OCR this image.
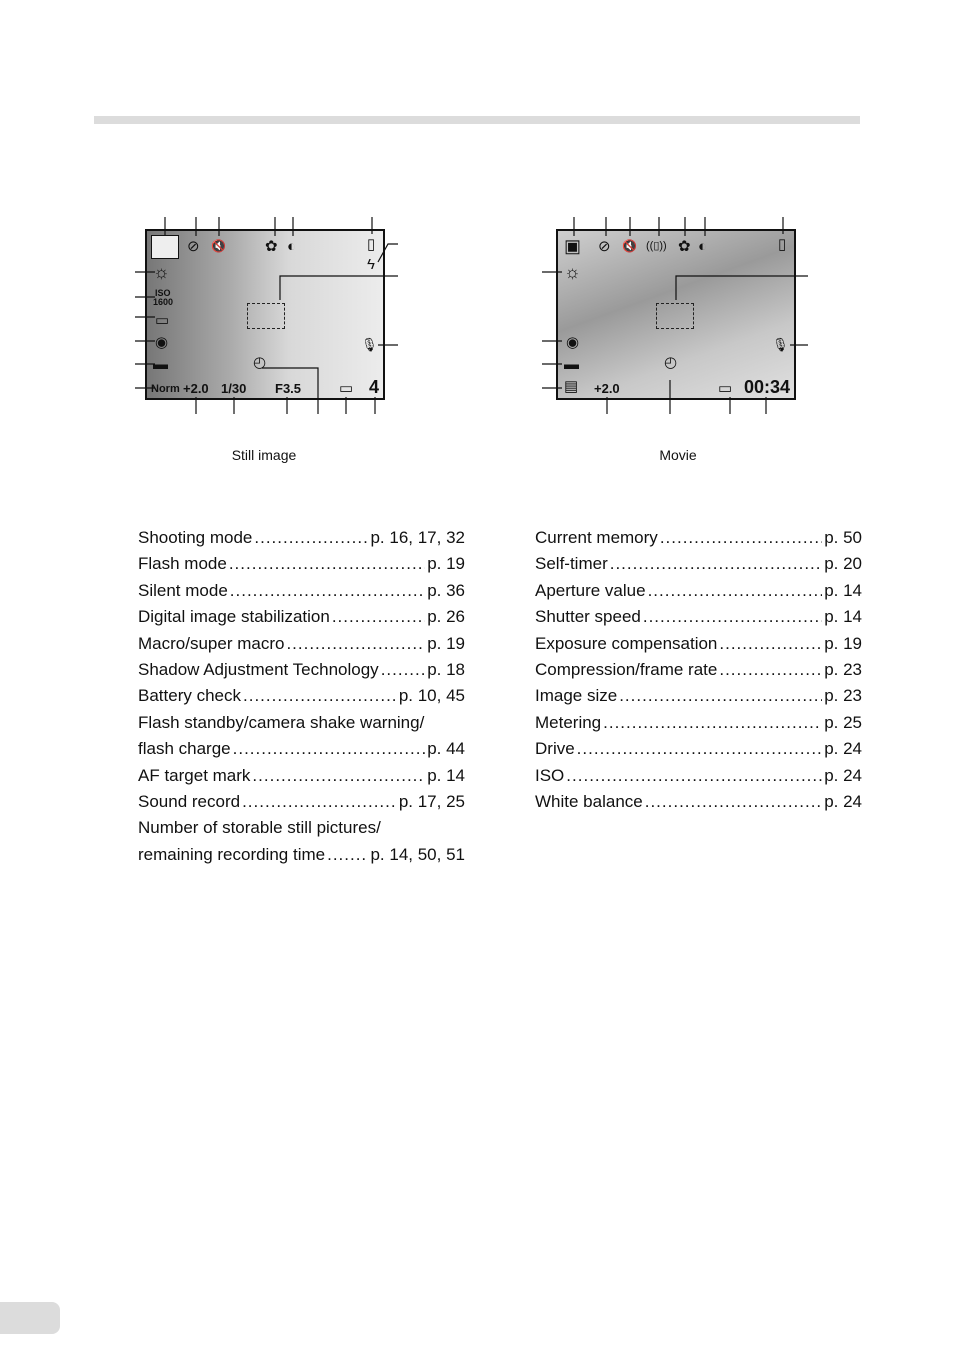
⊘ 🔇	✿ ◐	▯
ϟ
☼
ISO
1600
▭
◉
▬	◴
🎙
Norm +2.0 1/30 F3.5	▭ 4
▣ ⊘ 🔇 ((▯)) ✿ ◐	▯
☼
◉
▬
▤
◴
🎙
+2.0	▭ 00:34
Still image	Movie
Shooting mode .....	p. 16, 17, 32
Flash mode .....	p. 19
Silent mode .....	p. 36
Digital image stabilization .....	p. 26
Macro/super macro .....	p. 19
Shadow Adjustment Technology .....	p. 18
Battery check .....	p. 10, 45
Flash standby/camera shake warning/
flash charge .....	p. 44
AF target mark .....	p. 14
Sound record .....	p. 17, 25
Number of storable still pictures/
remaining recording time .....	p. 14, 50, 51
Current memory .....	p. 50
Self-timer .....	p. 20
Aperture value .....	p. 14
Shutter speed .....	p. 14
Exposure compensation .....	p. 19
Compression/frame rate .....	p. 23
Image size .....	p. 23
Metering .....	p. 25
Drive .....	p. 24
ISO .....	p. 24
White balance .....	p. 24
